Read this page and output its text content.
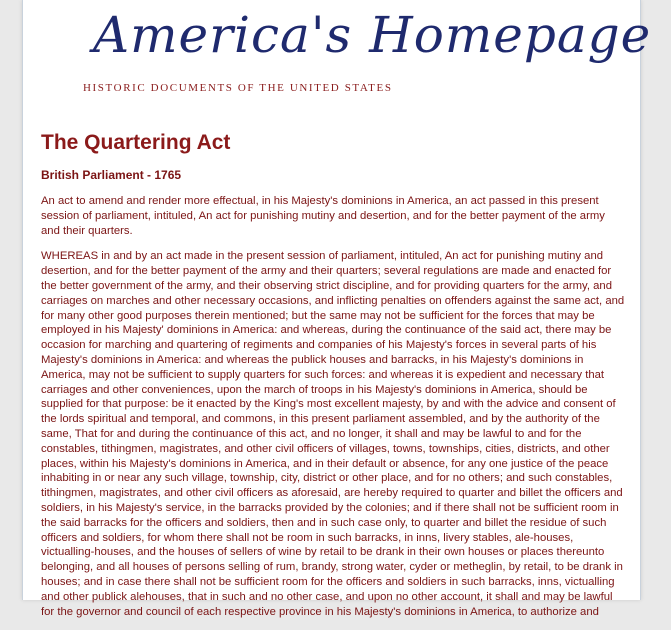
America's Homepage
HISTORIC DOCUMENTS OF THE UNITED STATES
The Quartering Act
British Parliament - 1765

An act to amend and render more effectual, in his Majesty's dominions in America, an act passed in this present session of parliament, intituled, An act for punishing mutiny and desertion, and for the better payment of the army and their quarters.

WHEREAS in and by an act made in the present session of parliament, intituled, An act for punishing mutiny and desertion, and for the better payment of the army and their quarters; several regulations are made and enacted for the better government of the army, and their observing strict discipline, and for providing quarters for the army, and carriages on marches and other necessary occasions, and inflicting penalties on offenders against the same act, and for many other good purposes therein mentioned; but the same may not be sufficient for the forces that may be employed in his Majesty' dominions in America: and whereas, during the continuance of the said act, there may be occasion for marching and quartering of regiments and companies of his Majesty's forces in several parts of his Majesty's dominions in America: and whereas the publick houses and barracks, in his Majesty's dominions in America, may not be sufficient to supply quarters for such forces: and whereas it is expedient and necessary that carriages and other conveniences, upon the march of troops in his Majesty's dominions in America, should be supplied for that purpose: be it enacted by the King's most excellent majesty, by and with the advice and consent of the lords spiritual and temporal, and commons, in this present parliament assembled, and by the authority of the same, That for and during the continuance of this act, and no longer, it shall and may be lawful to and for the constables, tithingmen, magistrates, and other civil officers of villages, towns, townships, cities, districts, and other places, within his Majesty's dominions in America, and in their default or absence, for any one justice of the peace inhabiting in or near any such village, township, city, district or other place, and for no others; and such constables, tithingmen, magistrates, and other civil officers as aforesaid, are hereby required to quarter and billet the officers and soldiers, in his Majesty's service, in the barracks provided by the colonies; and if there shall not be sufficient room in the said barracks for the officers and soldiers, then and in such case only, to quarter and billet the residue of such officers and soldiers, for whom there shall not be room in such barracks, in inns, livery stables, ale-houses, victualling-houses, and the houses of sellers of wine by retail to be drank in their own houses or places thereunto belonging, and all houses of persons selling of rum, brandy, strong water, cyder or metheglin, by retail, to be drank in houses; and in case there shall not be sufficient room for the officers and soldiers in such barracks, inns, victualling and other publick alehouses, that in such and no other case, and upon no other account, it shall and may be lawful for the governor and council of each respective province in his Majesty's dominions in America, to authorize and
